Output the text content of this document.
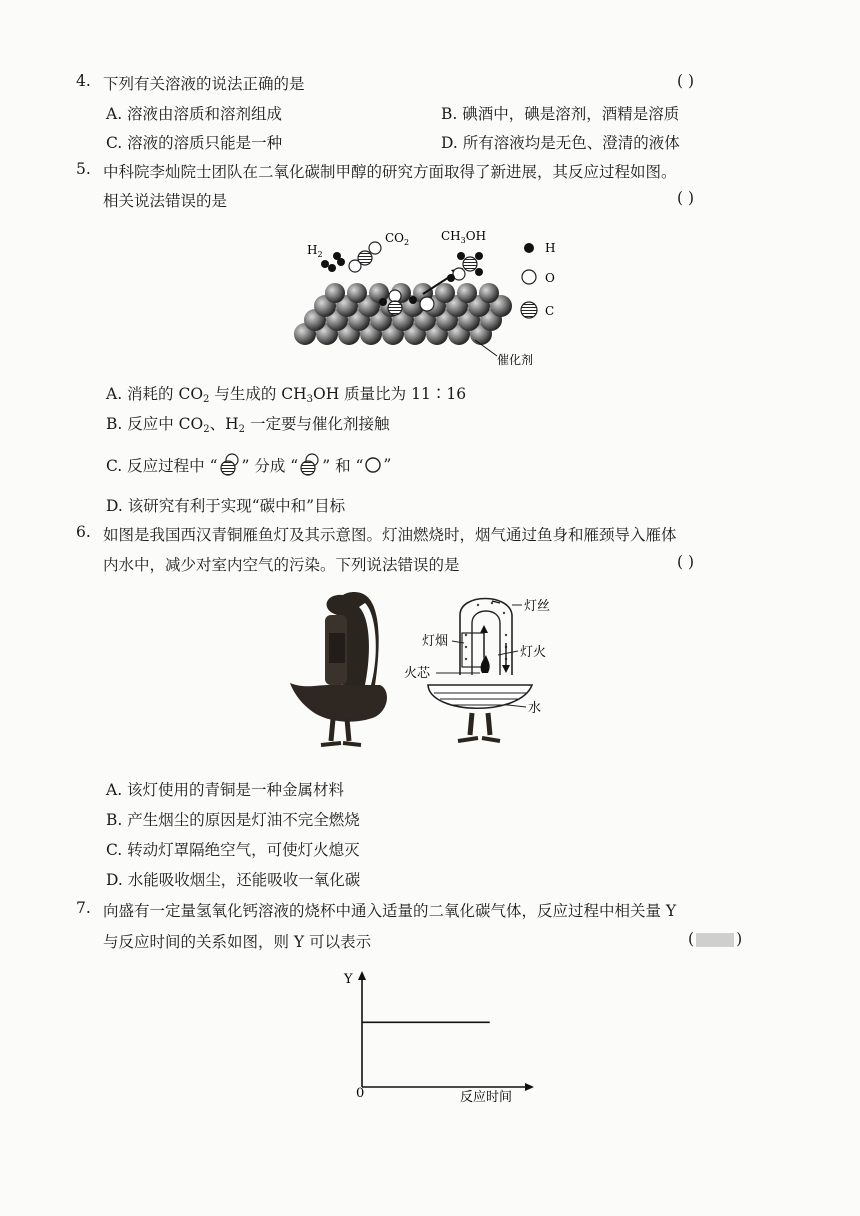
4. 下列有关溶液的说法正确的是	( )
A. 溶液由溶质和溶剂组成	B. 碘酒中，碘是溶剂，酒精是溶质
C. 溶液的溶质只能是一种	D. 所有溶液均是无色、澄清的液体
5. 中科院李灿院士团队在二氧化碳制甲醇的研究方面取得了新进展，其反应过程如图。
相关说法错误的是	( )
$H_2$
$CO_2$	$CH_3OH$
H
O
C
催化剂
A. 消耗的 $CO_2$ 与生成的 $CH_3OH$ 质量比为 11∶16
B. 反应中 $CO_2$、$H_2$ 一定要与催化剂接触
C. 反应过程中 “ ” 分成 “ ” 和 “ ”
D. 该研究有利于实现“碳中和”目标
6. 如图是我国西汉青铜雁鱼灯及其示意图。灯油燃烧时，烟气通过鱼身和雁颈导入雁体
内水中，减少对室内空气的污染。下列说法错误的是	( )
灯丝
灯烟
灯火
火芯
水
A. 该灯使用的青铜是一种金属材料
B. 产生烟尘的原因是灯油不完全燃烧
C. 转动灯罩隔绝空气，可使灯火熄灭
D. 水能吸收烟尘，还能吸收一氧化碳
7. 向盛有一定量氢氧化钙溶液的烧杯中通入适量的二氧化碳气体，反应过程中相关量 Y
与反应时间的关系如图，则 Y 可以表示	(	)
Y
0	反应时间
